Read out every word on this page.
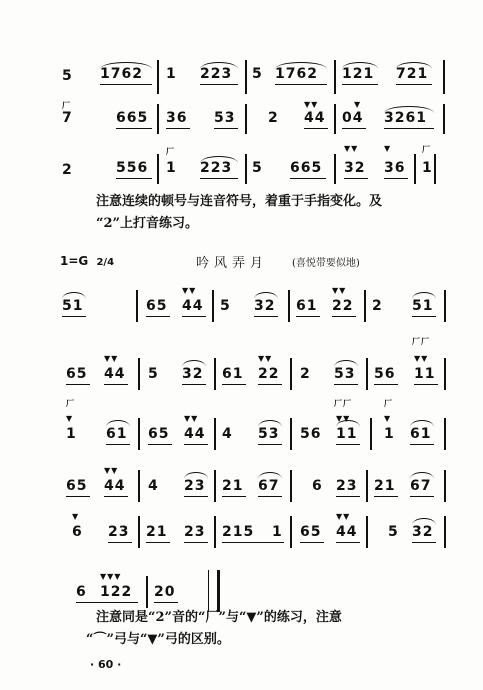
5 1762 1 223 5 1762 121 721
厂
7	665 36 53 2
▼▼
44
▼
04 3261
2	556
厂
1 223 5 665
▼▼
32
▼
36
厂
1
注意连续的顿号与连音符号，着重于手指变化。及
“2”上打音练习。
1=G 2/4	吟风弄月 (喜悦带要似地)
51	65
▼▼
44 5 32 61
▼▼
22 2 51
65
▼▼
44 5 32 61
▼▼
22 2 53 56
厂厂
▼▼
11
厂
▼
1 61 65
▼▼
44 4 53 56
厂厂
▼▼
11
厂
▼
1 61
65
▼▼
44 4 23 21 67 6 23 21 67
▼
6 23 21 23 215 1 65
▼▼
44 5 32
▼▼▼
6 122 20
注意同是“2”音的“厂”与“▼”的练习，注意
“⌒”弓与“▼”弓的区别。
· 60 ·
